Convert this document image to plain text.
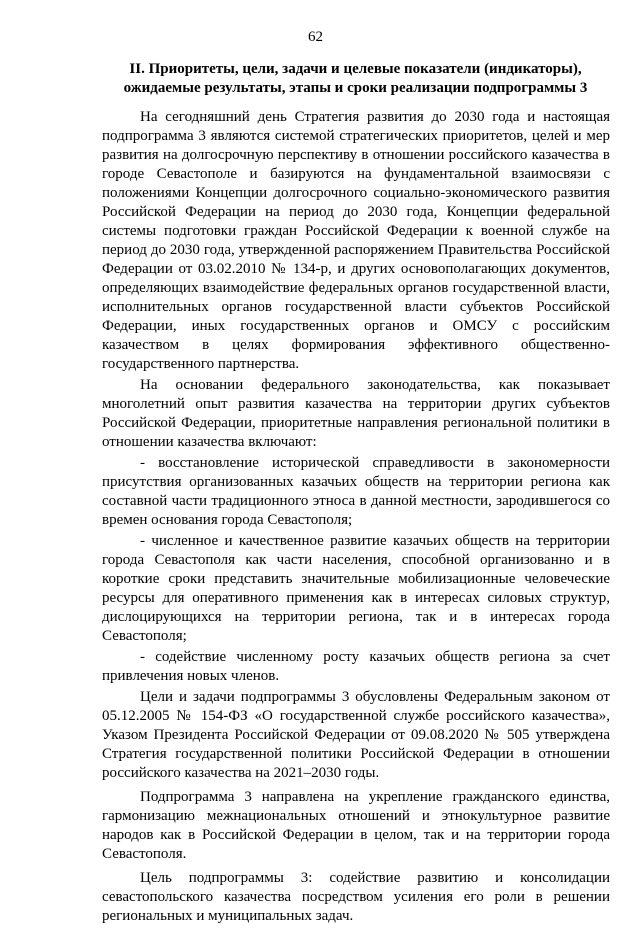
62
II. Приоритеты, цели, задачи и целевые показатели (индикаторы),
ожидаемые результаты, этапы и сроки реализации подпрограммы 3

На сегодняшний день Стратегия развития до 2030 года и настоящая подпрограмма 3 являются системой стратегических приоритетов, целей и мер развития на долгосрочную перспективу в отношении российского казачества в городе Севастополе и базируются на фундаментальной взаимосвязи с положениями Концепции долгосрочного социально-экономического развития Российской Федерации на период до 2030 года, Концепции федеральной системы подготовки граждан Российской Федерации к военной службе на период до 2030 года, утвержденной распоряжением Правительства Российской Федерации от 03.02.2010 № 134-р, и других основополагающих документов, определяющих взаимодействие федеральных органов государственной власти, исполнительных органов государственной власти субъектов Российской Федерации, иных государственных органов и ОМСУ с российским казачеством в целях формирования эффективного общественно-государственного партнерства.

На основании федерального законодательства, как показывает многолетний опыт развития казачества на территории других субъектов Российской Федерации, приоритетные направления региональной политики в отношении казачества включают:

- восстановление исторической справедливости в закономерности присутствия организованных казачьих обществ на территории региона как составной части традиционного этноса в данной местности, зародившегося со времен основания города Севастополя;

- численное и качественное развитие казачьих обществ на территории города Севастополя как части населения, способной организованно и в короткие сроки представить значительные мобилизационные человеческие ресурсы для оперативного применения как в интересах силовых структур, дислоцирующихся на территории региона, так и в интересах города Севастополя;

- содействие численному росту казачьих обществ региона за счет привлечения новых членов.

Цели и задачи подпрограммы 3 обусловлены Федеральным законом от 05.12.2005 № 154-ФЗ «О государственной службе российского казачества», Указом Президента Российской Федерации от 09.08.2020 № 505 утверждена Стратегия государственной политики Российской Федерации в отношении российского казачества на 2021–2030 годы.

Подпрограмма 3 направлена на укрепление гражданского единства, гармонизацию межнациональных отношений и этнокультурное развитие народов как в Российской Федерации в целом, так и на территории города Севастополя.

Цель подпрограммы 3: содействие развитию и консолидации севастопольского казачества посредством усиления его роли в решении региональных и муниципальных задач.
